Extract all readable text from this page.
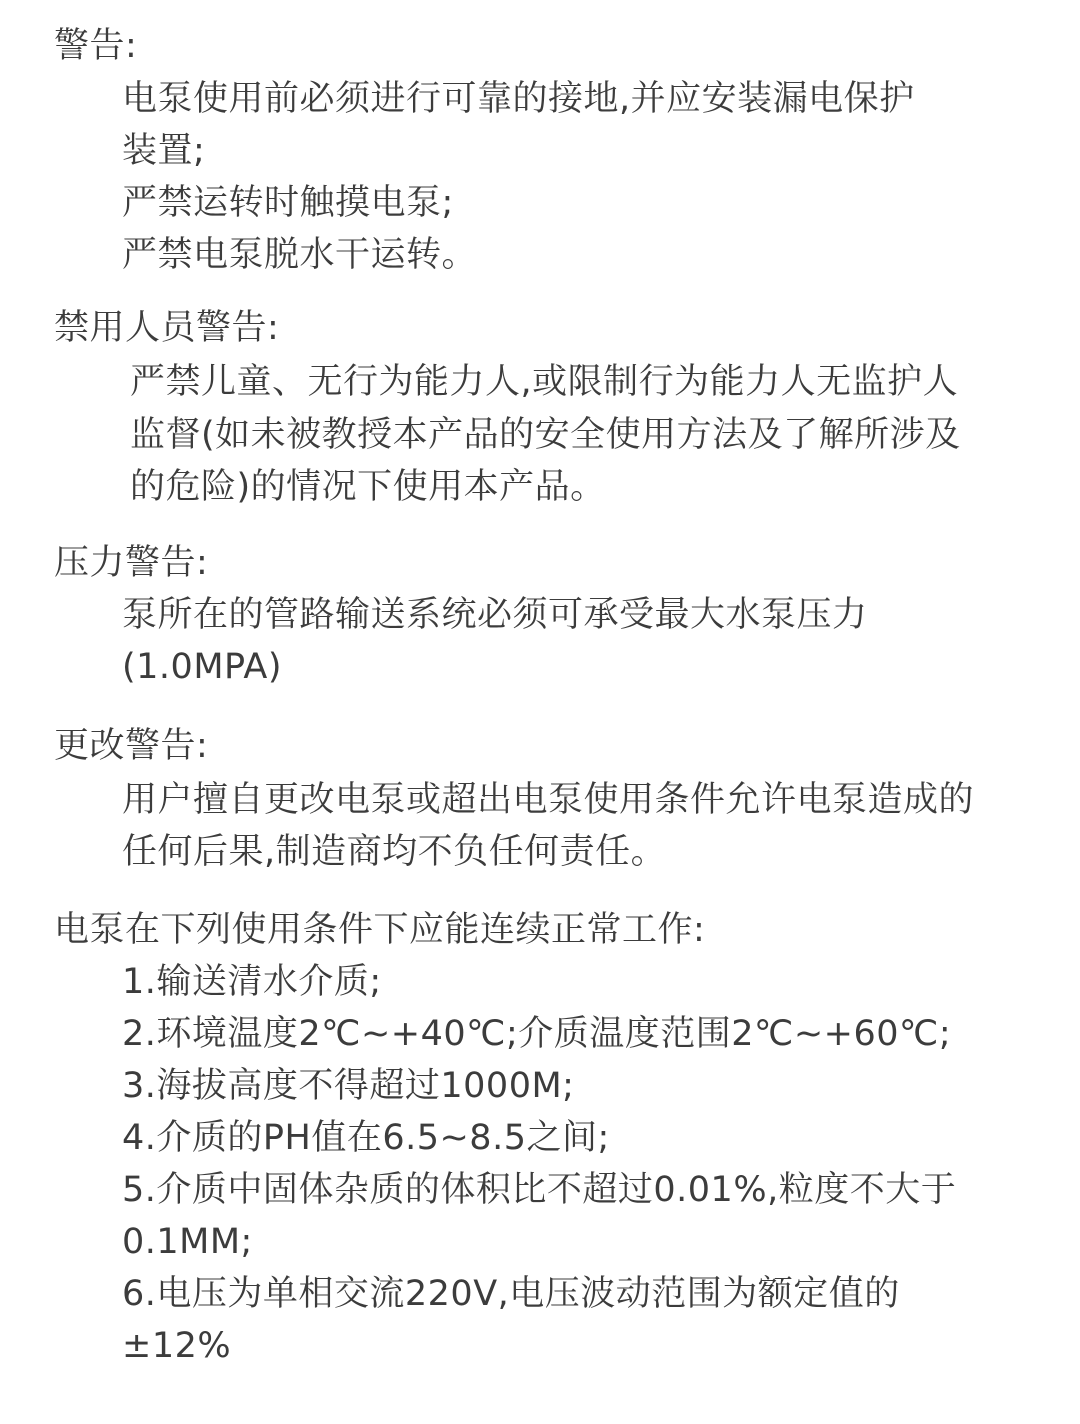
警告:

电泵使用前必须进行可靠的接地,并应安装漏电保护

装置;

严禁运转时触摸电泵;

严禁电泵脱水干运转。

禁用人员警告:

严禁儿童、无行为能力人,或限制行为能力人无监护人

监督(如未被教授本产品的安全使用方法及了解所涉及

的危险)的情况下使用本产品。

压力警告:

泵所在的管路输送系统必须可承受最大水泵压力

(1.0MPA)

更改警告:

用户擅自更改电泵或超出电泵使用条件允许电泵造成的

任何后果,制造商均不负任何责任。

电泵在下列使用条件下应能连续正常工作:

1.输送清水介质;

2.环境温度2℃~+40℃;介质温度范围2℃~+60℃;

3.海拔高度不得超过1000M;

4.介质的PH值在6.5~8.5之间;

5.介质中固体杂质的体积比不超过0.01%,粒度不大于

0.1MM;

6.电压为单相交流220V,电压波动范围为额定值的

±12%
